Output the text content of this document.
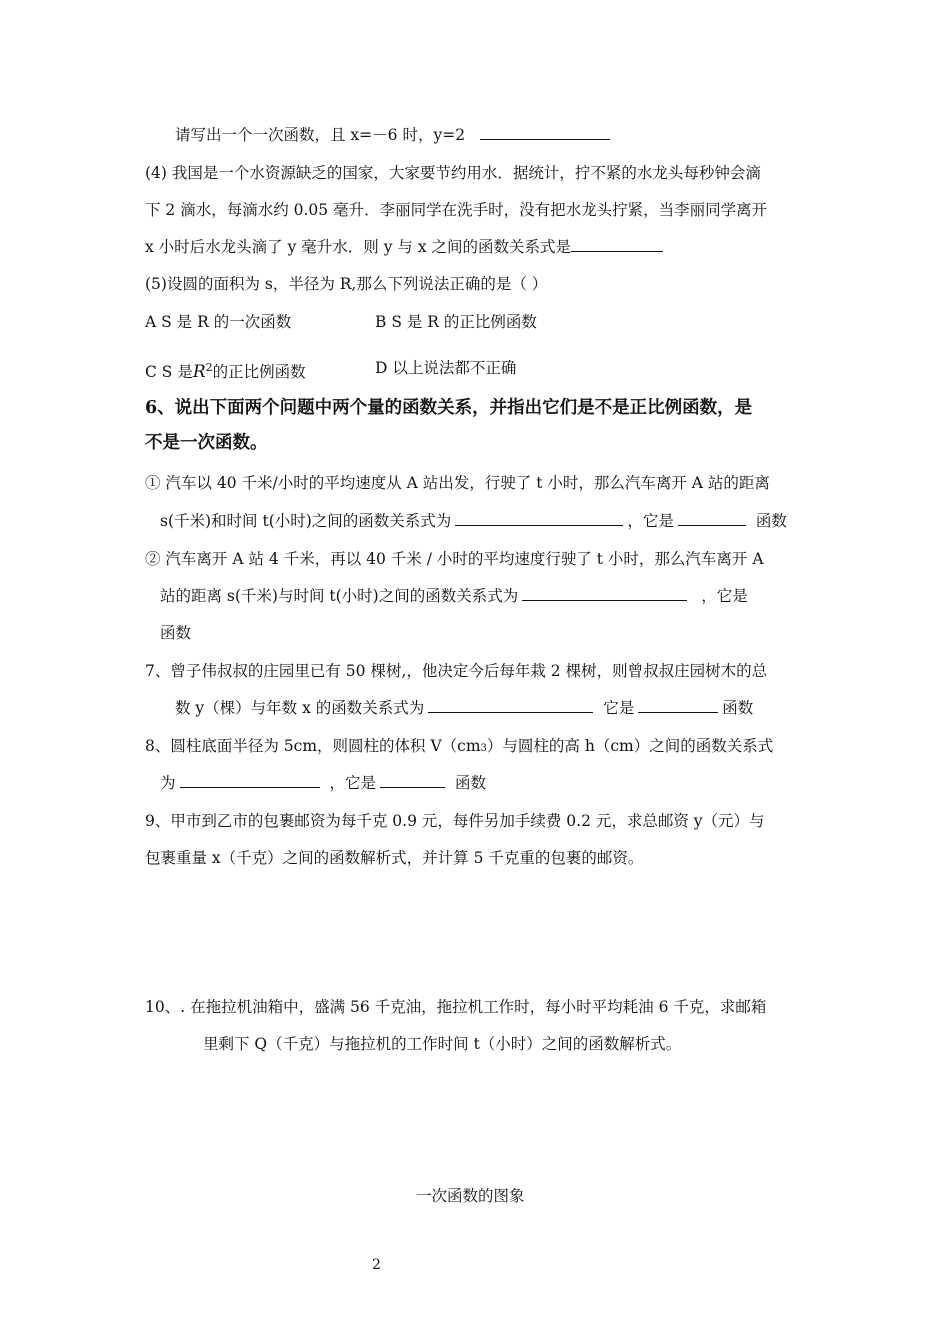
请写出一个一次函数，且 x=－6 时，y=2
(4) 我国是一个水资源缺乏的国家，大家要节约用水．据统计，拧不紧的水龙头每秒钟会滴
下 2 滴水，每滴水约 0.05 毫升．李丽同学在洗手时，没有把水龙头拧紧，当李丽同学离开
x 小时后水龙头滴了 y 毫升水．则 y 与 x 之间的函数关系式是
(5)设圆的面积为 s，半径为 R,那么下列说法正确的是（ ）
A S 是 R 的一次函数	B S 是 R 的正比例函数
C S 是$R^2$的正比例函数	D 以上说法都不正确
6、说出下面两个问题中两个量的函数关系，并指出它们是不是正比例函数，是
不是一次函数。
① 汽车以 40 千米/小时的平均速度从 A 站出发，行驶了 t 小时，那么汽车离开 A 站的距离
s(千米)和时间 t(小时)之间的函数关系式为	，它是	函数
② 汽车离开 A 站 4 千米，再以 40 千米 / 小时的平均速度行驶了 t 小时，那么汽车离开 A
站的距离 s(千米)与时间 t(小时)之间的函数关系式为	，它是
函数
7、曾子伟叔叔的庄园里已有 50 棵树,，他决定今后每年栽 2 棵树，则曾叔叔庄园树木的总
数 y（棵）与年数 x 的函数关系式为	它是	函数
8、圆柱底面半径为 5cm，则圆柱的体积 V（cm3）与圆柱的高 h（cm）之间的函数关系式
为	，它是	函数
9、甲市到乙市的包裹邮资为每千克 0.9 元，每件另加手续费 0.2 元，求总邮资 y（元）与
包裹重量 x（千克）之间的函数解析式，并计算 5 千克重的包裹的邮资。
10、. 在拖拉机油箱中，盛满 56 千克油，拖拉机工作时，每小时平均耗油 6 千克，求邮箱
里剩下 Q（千克）与拖拉机的工作时间 t（小时）之间的函数解析式。
一次函数的图象
2
